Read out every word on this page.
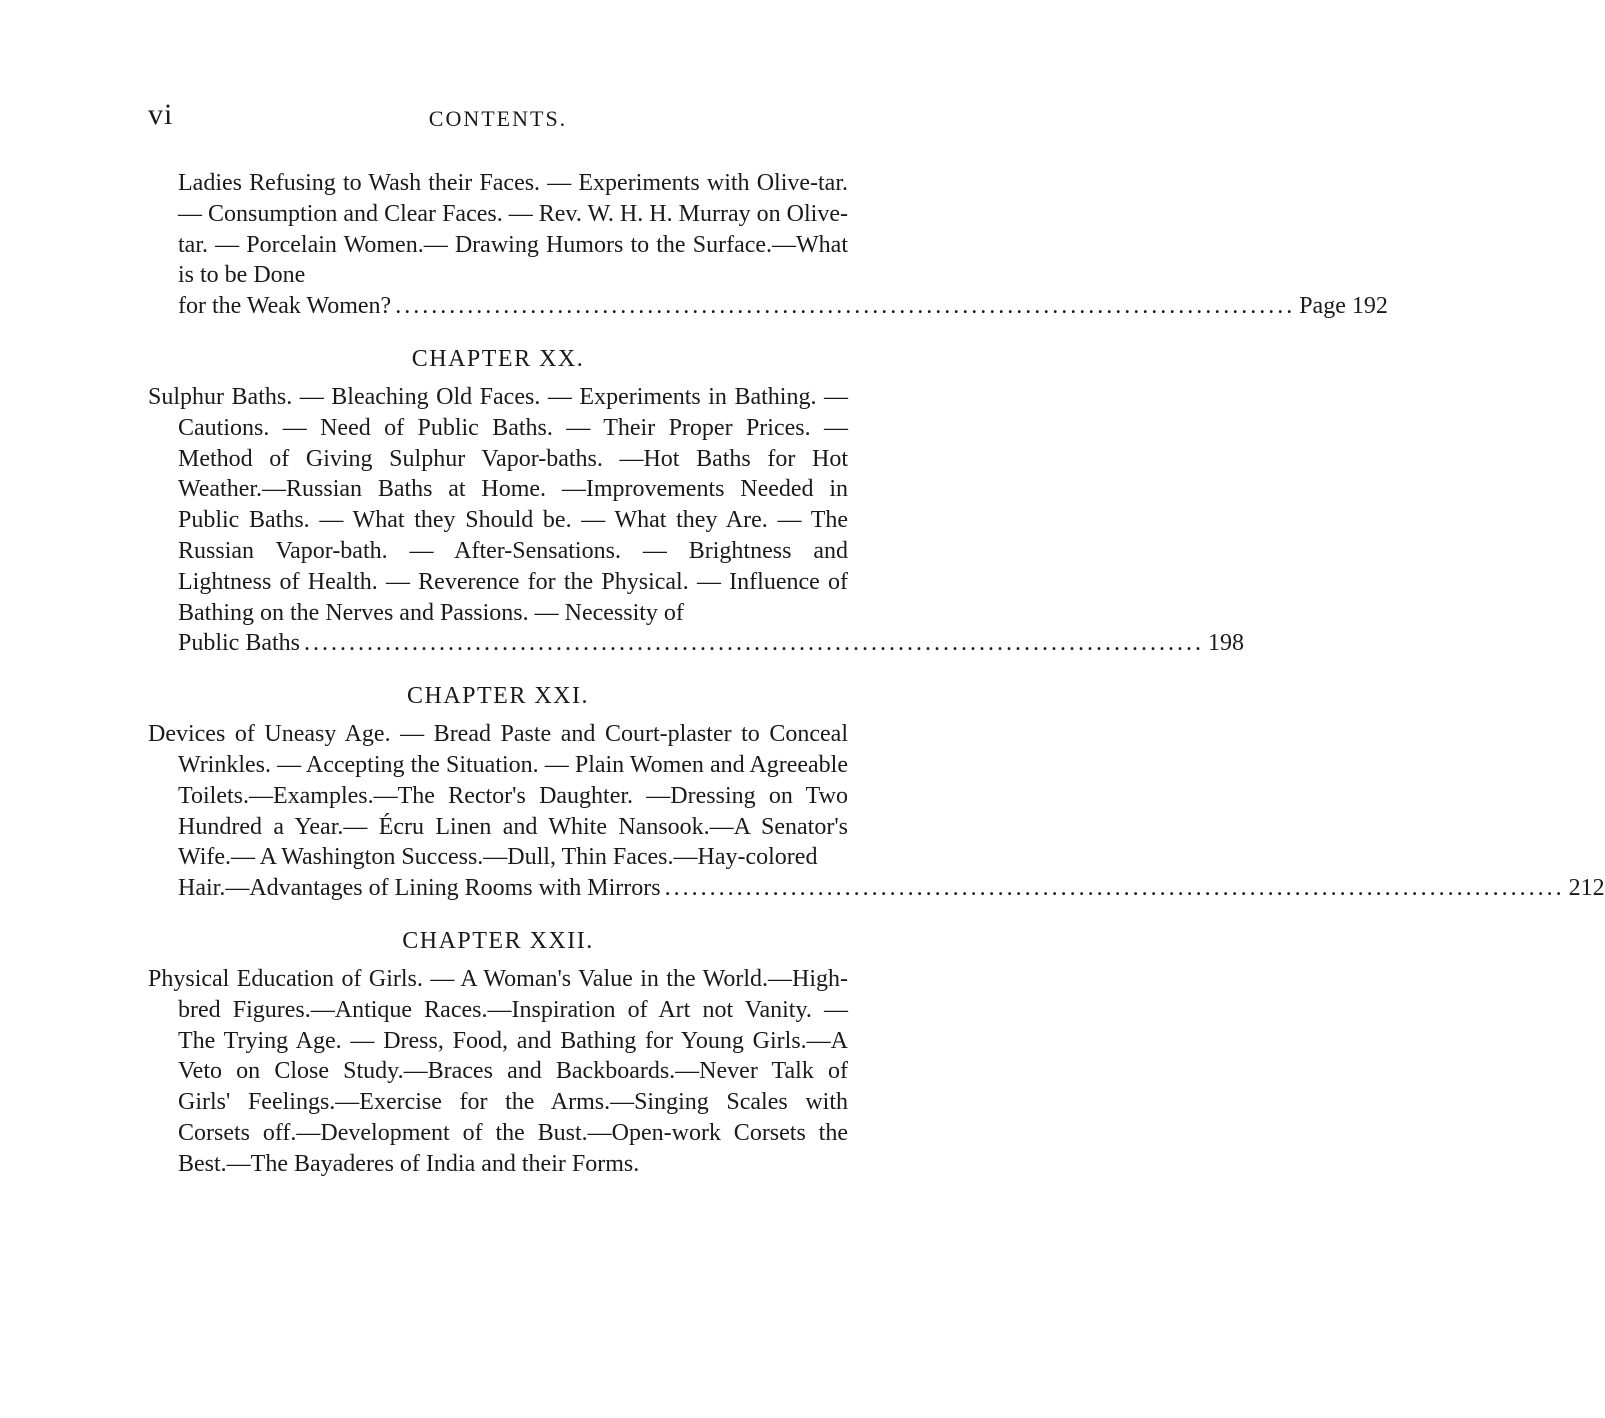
vi	CONTENTS.
Ladies Refusing to Wash their Faces. — Experiments with Olive-tar. — Consumption and Clear Faces. — Rev. W. H. H. Murray on Olive-tar. — Porcelain Women.— Drawing Humors to the Surface.—What is to be Done
for the Weak Women? .................................................................................................... Page 192
CHAPTER XX.
Sulphur Baths. — Bleaching Old Faces. — Experiments in Bathing. — Cautions. — Need of Public Baths. — Their Proper Prices. — Method of Giving Sulphur Vapor-baths. —Hot Baths for Hot Weather.—Russian Baths at Home. —Improvements Needed in Public Baths. — What they Should be. — What they Are. — The Russian Vapor-bath. — After-Sensations. — Brightness and Lightness of Health. — Reverence for the Physical. — Influence of Bathing on the Nerves and Passions. — Necessity of
Public Baths .................................................................................................... 198
CHAPTER XXI.
Devices of Uneasy Age. — Bread Paste and Court-plaster to Conceal Wrinkles. — Accepting the Situation. — Plain Women and Agreeable Toilets.—Examples.—The Rector's Daughter. —Dressing on Two Hundred a Year.— Écru Linen and White Nansook.—A Senator's Wife.— A Washington Success.—Dull, Thin Faces.—Hay-colored
Hair.—Advantages of Lining Rooms with Mirrors .................................................................................................... 212
CHAPTER XXII.
Physical Education of Girls. — A Woman's Value in the World.—High-bred Figures.—Antique Races.—Inspiration of Art not Vanity. — The Trying Age. — Dress, Food, and Bathing for Young Girls.—A Veto on Close Study.—Braces and Backboards.—Never Talk of Girls' Feelings.—Exercise for the Arms.—Singing Scales with Corsets off.—Development of the Bust.—Open-work Corsets the Best.—The Bayaderes of India and their Forms.
